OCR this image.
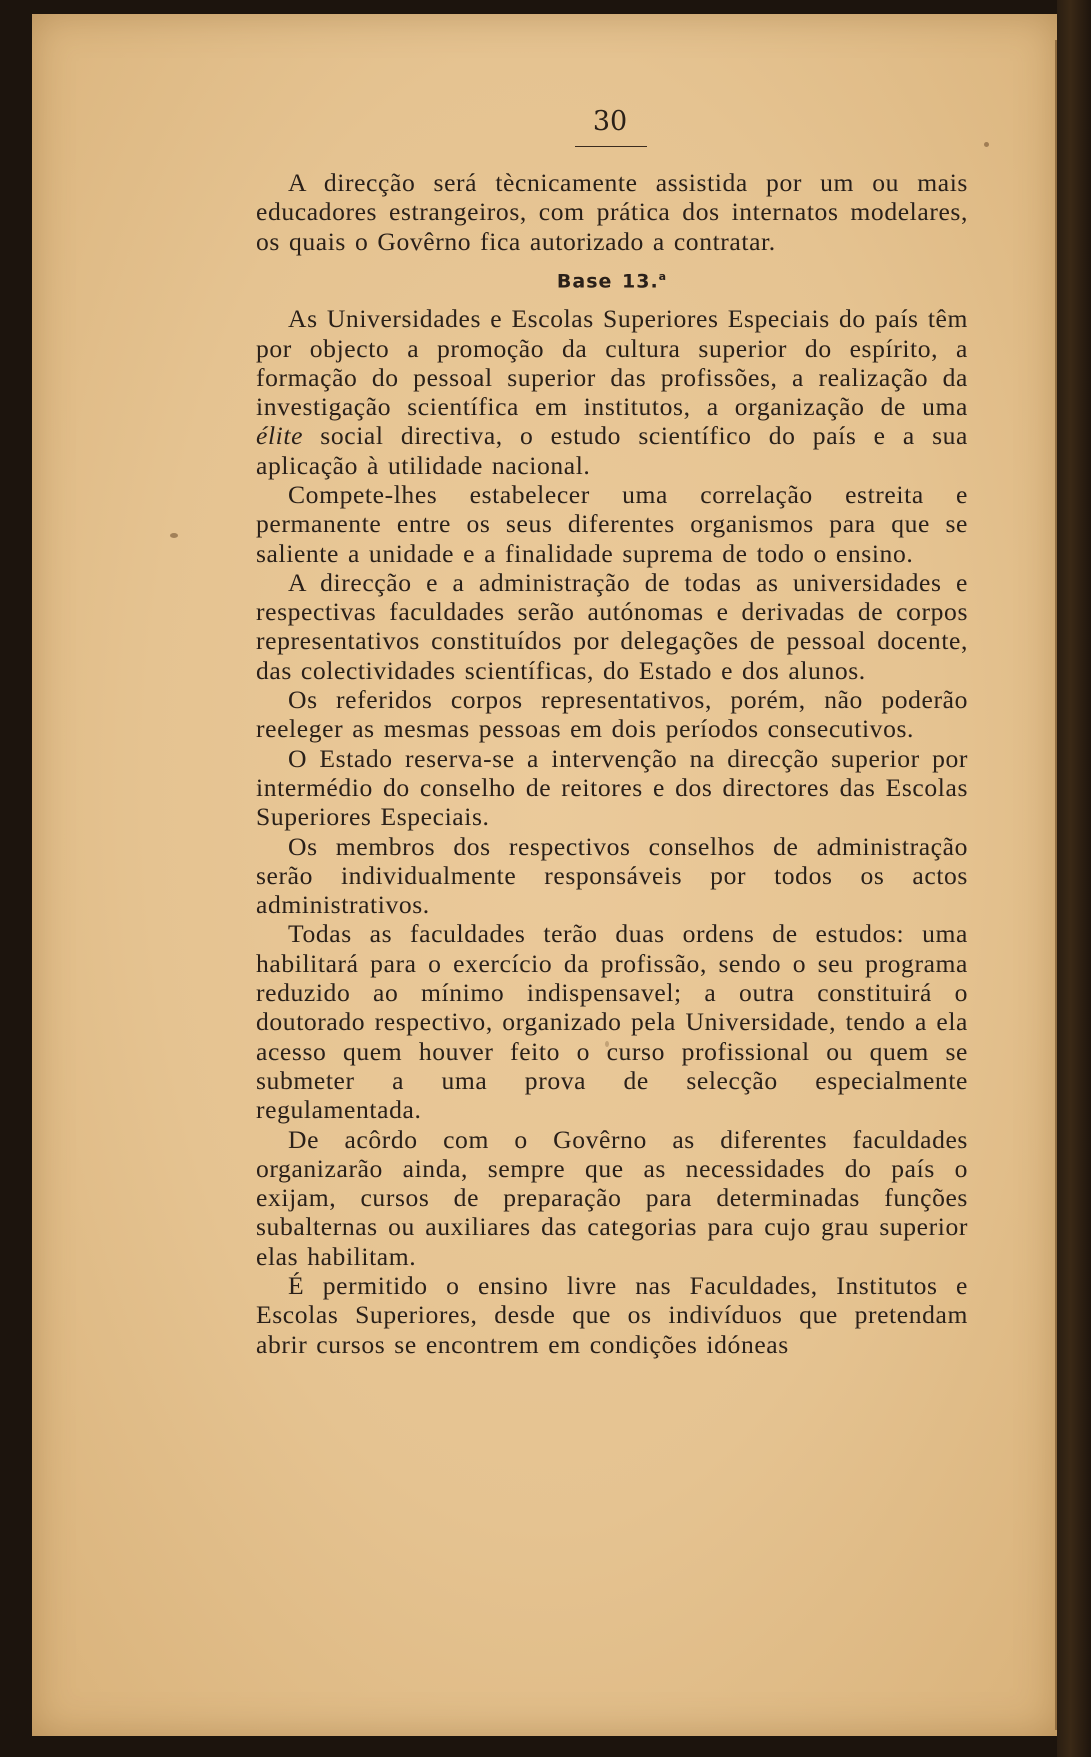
30

A direcção será tècnicamente assistida por um ou mais educadores estrangeiros, com prática dos internatos modelares, os quais o Govêrno fica autorizado a contratar.

Base 13.$^a$

As Universidades e Escolas Superiores Especiais do país têm por objecto a promoção da cultura superior do espírito, a formação do pessoal superior das profissões, a realização da investigação scientífica em institutos, a organização de uma élite social directiva, o estudo scientífico do país e a sua aplicação à utilidade nacional.

Compete-lhes estabelecer uma correlação estreita e permanente entre os seus diferentes organismos para que se saliente a unidade e a finalidade suprema de todo o ensino.

A direcção e a administração de todas as universidades e respectivas faculdades serão autónomas e derivadas de corpos representativos constituídos por delegações de pessoal docente, das colectividades scientíficas, do Estado e dos alunos.

Os referidos corpos representativos, porém, não poderão reeleger as mesmas pessoas em dois períodos consecutivos.

O Estado reserva-se a intervenção na direcção superior por intermédio do conselho de reitores e dos directores das Escolas Superiores Especiais.

Os membros dos respectivos conselhos de administração serão individualmente responsáveis por todos os actos administrativos.

Todas as faculdades terão duas ordens de estudos: uma habilitará para o exercício da profissão, sendo o seu programa reduzido ao mínimo indispensavel; a outra constituirá o doutorado respectivo, organizado pela Universidade, tendo a ela acesso quem houver feito o curso profissional ou quem se submeter a uma prova de selecção especialmente regulamentada.

De acôrdo com o Govêrno as diferentes faculdades organizarão ainda, sempre que as necessidades do país o exijam, cursos de preparação para determinadas funções subalternas ou auxiliares das categorias para cujo grau superior elas habilitam.

É permitido o ensino livre nas Faculdades, Institutos e Escolas Superiores, desde que os indivíduos que pretendam abrir cursos se encontrem em condições idóneas
